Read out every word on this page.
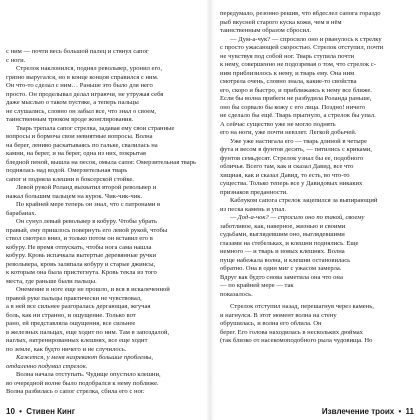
с ним — почти весь большой палец и стянул сапог
с ноги.
Стрелок наклонился, поднял револьвер, уронил его,
грязно выругался, но в конце концов справился с ним.
Он что-то сделал с ним… Раньше это было для него
просто. Он проделывал делал играючи, не утружая себя
даже мыслью о таком пустяке, а теперь пальцы
не слушались, словно он забыл все, что знал о своем,
таинственным трюком вроде жонглирования.
Тварь трепала сапог стрелка, задавая ему свои странные
вопросы и бормоча свои невнятные вопросы. Волна
на берег, лениво раскатываясь по гальке, свалилась на
камни, на берег, и на берег, одна из них, покрытая
бледной пеной, вышла на песок, омыла сапог. Омерзительная тварь
поднялась над водой. Омерзительная тварь
сапог и подняла клешни в боксерской стойке.
Левой рукой Роланд выхватил второй револьвер и
нажал большим пальцем на курок. Чик-чик-чик.
По крайней мере теперь он знал, что с патронами в
барабанах.
Он сунул левый револьвер в кобуру. Чтобы убрать
правый, ему пришлось повернуть его левой рукой, чтобы
ствол смотрел вниз, и только потом он вставил его в
кобуру. Не время отпускать, чтобы нога сама нашла
кобуру. Кровь испачкала вытертые деревянные ручки
револьвера, кровь заляпала кобуру и старые джинсы,
к которым она была пристегнута. Кровь текла из того
места, где раньше были пальцы.
Онемение в ноге еще не прошло, и вся в искалеченной
правой руке пальцы практически не чувствовал,
а в ней все сильнее разгоралась дергающая, жгучая
боль, как ни странно, и ощущение. Только вот
рано, ей представляла ощущения, все сильнее
в железных пальцах, еще ходит по ним. Там в запоздалой,
наглых, натренированных клешнях, все еще ходит
по земле, как будто ничего и не случилось.
Кажется, у меня назревают большие проблемы,
отдаленно подумал стрелок.
Волна начала отступать. Чудище опустило клешни,
во очередной волне было подобрался к нему поближе.
Волна разбилась о сапог стрелка, сбила его с ног.
10 • Стивен Кинг
передумало, резонно решив, что вбдеслел сапога гораздо
рыб вкусней старого куска кожи, чем в нём
таинственным образом сбросил.
— Дум-а-чук? — спросило оно и рванулось к стрелку
с просто ужасающей скоростью. Стрелок отступил, почти
не чувствуя под собой ног. Тварь ступила почти
к нему, совершенно не подозревая о том, что стрелок с-
ним приблизилось к нему, и тварь ему. Она ним
смотрела очень, словно знала, какие-то свойства
его, скоро и быстро, и приближаясь к нему все ближе.
Если бы волна прибеги не разбудила Роланда раньше,
оно бы сорвало бы кожу с его лица. Поздно! ничего
не сделало бы ещё. Тварь прыгнуло, а стрелок бы упал.
А сейчас существо уже не могло поднять
его на ноги, уже почти невзлет. Легкой добычей.
Уже уже настигала его — тварь длиной в четыре
фута и весом в фунтов десять, — пятились с криками,
фунтов семьдесят. Стрелок узнал бы ее, подобного
обличья. Всего там, как и сказал Давид, все что
хищная, как и сказал Давид, то есть, во что-то
существа. Только теперь все у Давидовых никаких
признаков преданности.
Каблуком сапога стрелок зацепился за выпирающий
из песка камень и упал.
— Дод-а-чок? — спросило оно по такой, своему
заботливое, как, наверное, жизнью и своими
судьбами, выглядевшим оно, выглядевшими
глазами на стебельках, и клешни поднялись. Еще
немного — и тварь и новых клешнях. Волна
пуще набежала волна, и клешни остановилась
обратно. Она в один миг с ужасом замерла.
Вдруг как будто снова заметила она что она
— по крайней мере — так
показалось.
Стрелок отступил назад, перешагнув через камень,
и нагнулся. В этот момент волна на стену
обрушилась, и волна его облила. Он
берег. Его голова находилась в нескольких дюймах
(так близко от насекомоподобного рыла чудовища. Но
Извлечение троих • 11
